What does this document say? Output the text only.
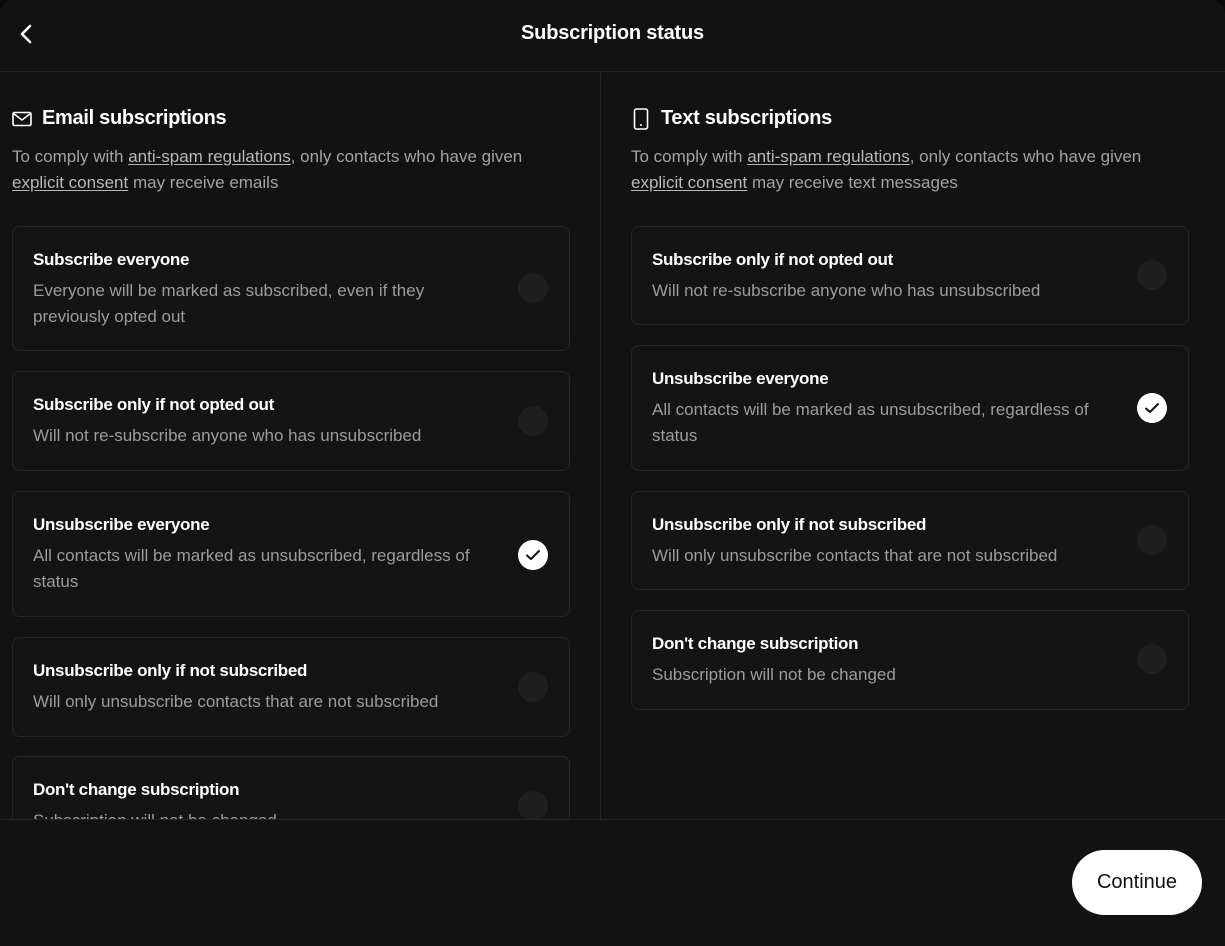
Subscription status
Email subscriptions
To comply with anti-spam regulations, only contacts who have given explicit consent may receive emails
Subscribe everyone
Everyone will be marked as subscribed, even if they previously opted out
Subscribe only if not opted out
Will not re-subscribe anyone who has unsubscribed
Unsubscribe everyone
All contacts will be marked as unsubscribed, regardless of status
Unsubscribe only if not subscribed
Will only unsubscribe contacts that are not subscribed
Don't change subscription
Text subscriptions
To comply with anti-spam regulations, only contacts who have given explicit consent may receive text messages
Subscribe only if not opted out
Will not re-subscribe anyone who has unsubscribed
Unsubscribe everyone
All contacts will be marked as unsubscribed, regardless of status
Unsubscribe only if not subscribed
Will only unsubscribe contacts that are not subscribed
Don't change subscription
Subscription will not be changed
Continue
